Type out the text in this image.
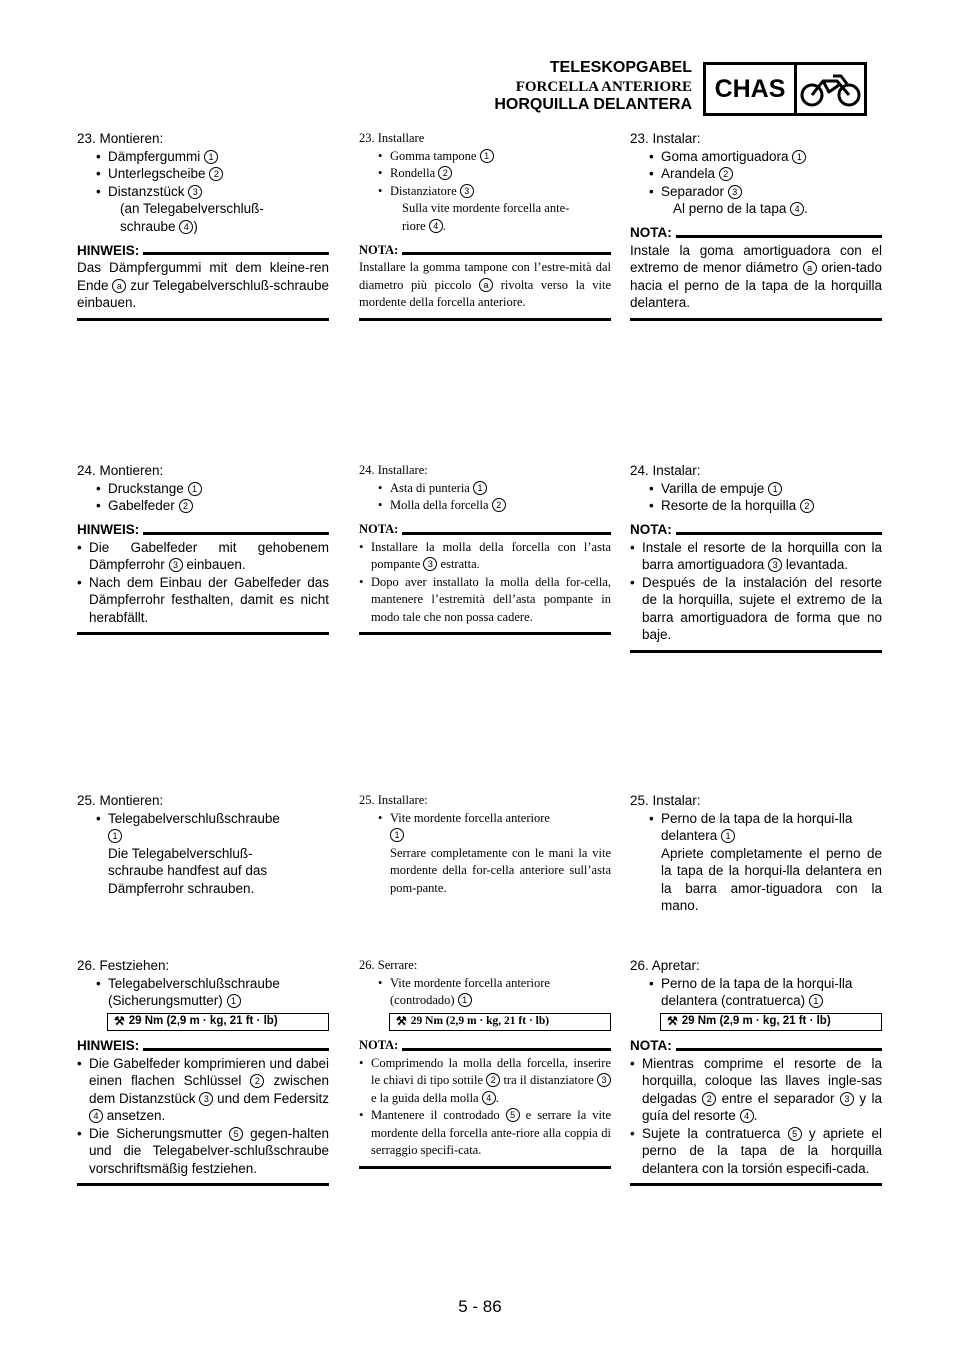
TELESKOPGABEL
FORCELLA ANTERIORE
HORQUILLA DELANTERA
CHAS

23. Montieren:

• Dämpfergummi 1

• Unterlegscheibe 2

• Distanzstück 3

(an Telegabelverschluß-

schraube 4 )

HINWEIS:

Das Dämpfergummi mit dem kleine-ren Ende a zur Telegabelverschluß-schraube einbauen.

23. Installare

• Gomma tampone 1

• Rondella 2

• Distanziatore 3

Sulla vite mordente forcella ante-

riore 4 .

NOTA:

Installare la gomma tampone con l’estre-mità dal diametro più piccolo a rivolta verso la vite mordente della forcella anteriore.

23. Instalar:

• Goma amortiguadora 1

• Arandela 2

• Separador 3

Al perno de la tapa 4 .

NOTA:

Instale la goma amortiguadora con el extremo de menor diámetro a orien-tado hacia el perno de la tapa de la horquilla delantera.

24. Montieren:

• Druckstange 1

• Gabelfeder 2

HINWEIS:

• Die Gabelfeder mit gehobenem Dämpferrohr 3 einbauen.

• Nach dem Einbau der Gabelfeder das Dämpferrohr festhalten, damit es nicht herabfällt.

24. Installare:

• Asta di punteria 1

• Molla della forcella 2

NOTA:

• Installare la molla della forcella con l’asta pompante 3 estratta.

• Dopo aver installato la molla della for-cella, mantenere l’estremità dell’asta pompante in modo tale che non possa cadere.

24. Instalar:

• Varilla de empuje 1

• Resorte de la horquilla 2

NOTA:

• Instale el resorte de la horquilla con la barra amortiguadora 3 levantada.

• Después de la instalación del resorte de la horquilla, sujete el extremo de la barra amortiguadora de forma que no baje.

25. Montieren:

• Telegabelverschlußschraube
1

Die Telegabelverschluß-

schraube handfest auf das

Dämpferrohr schrauben.

25. Installare:

• Vite mordente forcella anteriore
1

Serrare completamente con le mani la vite mordente della for-cella anteriore sull’asta pom-pante.

25. Instalar:

• Perno de la tapa de la horqui-lla delantera 1

Apriete completamente el perno de la tapa de la horqui-lla delantera en la barra amor-tiguadora con la mano.

26. Festziehen:

• Telegabelverschlußschraube

(Sicherungsmutter) 1

⚒ 29 Nm (2,9 m · kg, 21 ft · lb)
HINWEIS:

• Die Gabelfeder komprimieren und dabei einen flachen Schlüssel 2 zwischen dem Distanzstück 3 und dem Federsitz 4 ansetzen.

• Die Sicherungsmutter 5 gegen-halten und die Telegabelver-schlußschraube vorschriftsmäßig festziehen.

26. Serrare:

• Vite mordente forcella anteriore

(controdado) 1

⚒ 29 Nm (2,9 m · kg, 21 ft · lb)
NOTA:

• Comprimendo la molla della forcella, inserire le chiavi di tipo sottile 2 tra il distanziatore 3 e la guida della molla 4 .

• Mantenere il controdado 5 e serrare la vite mordente della forcella ante-riore alla coppia di serraggio specifi-cata.

26. Apretar:

• Perno de la tapa de la horqui-lla delantera (contratuerca) 1

⚒ 29 Nm (2,9 m · kg, 21 ft · lb)
NOTA:

• Mientras comprime el resorte de la horquilla, coloque las llaves ingle-sas delgadas 2 entre el separador 3 y la guía del resorte 4 .

• Sujete la contratuerca 5 y apriete el perno de la tapa de la horquilla delantera con la torsión especifi-cada.

5 - 86
